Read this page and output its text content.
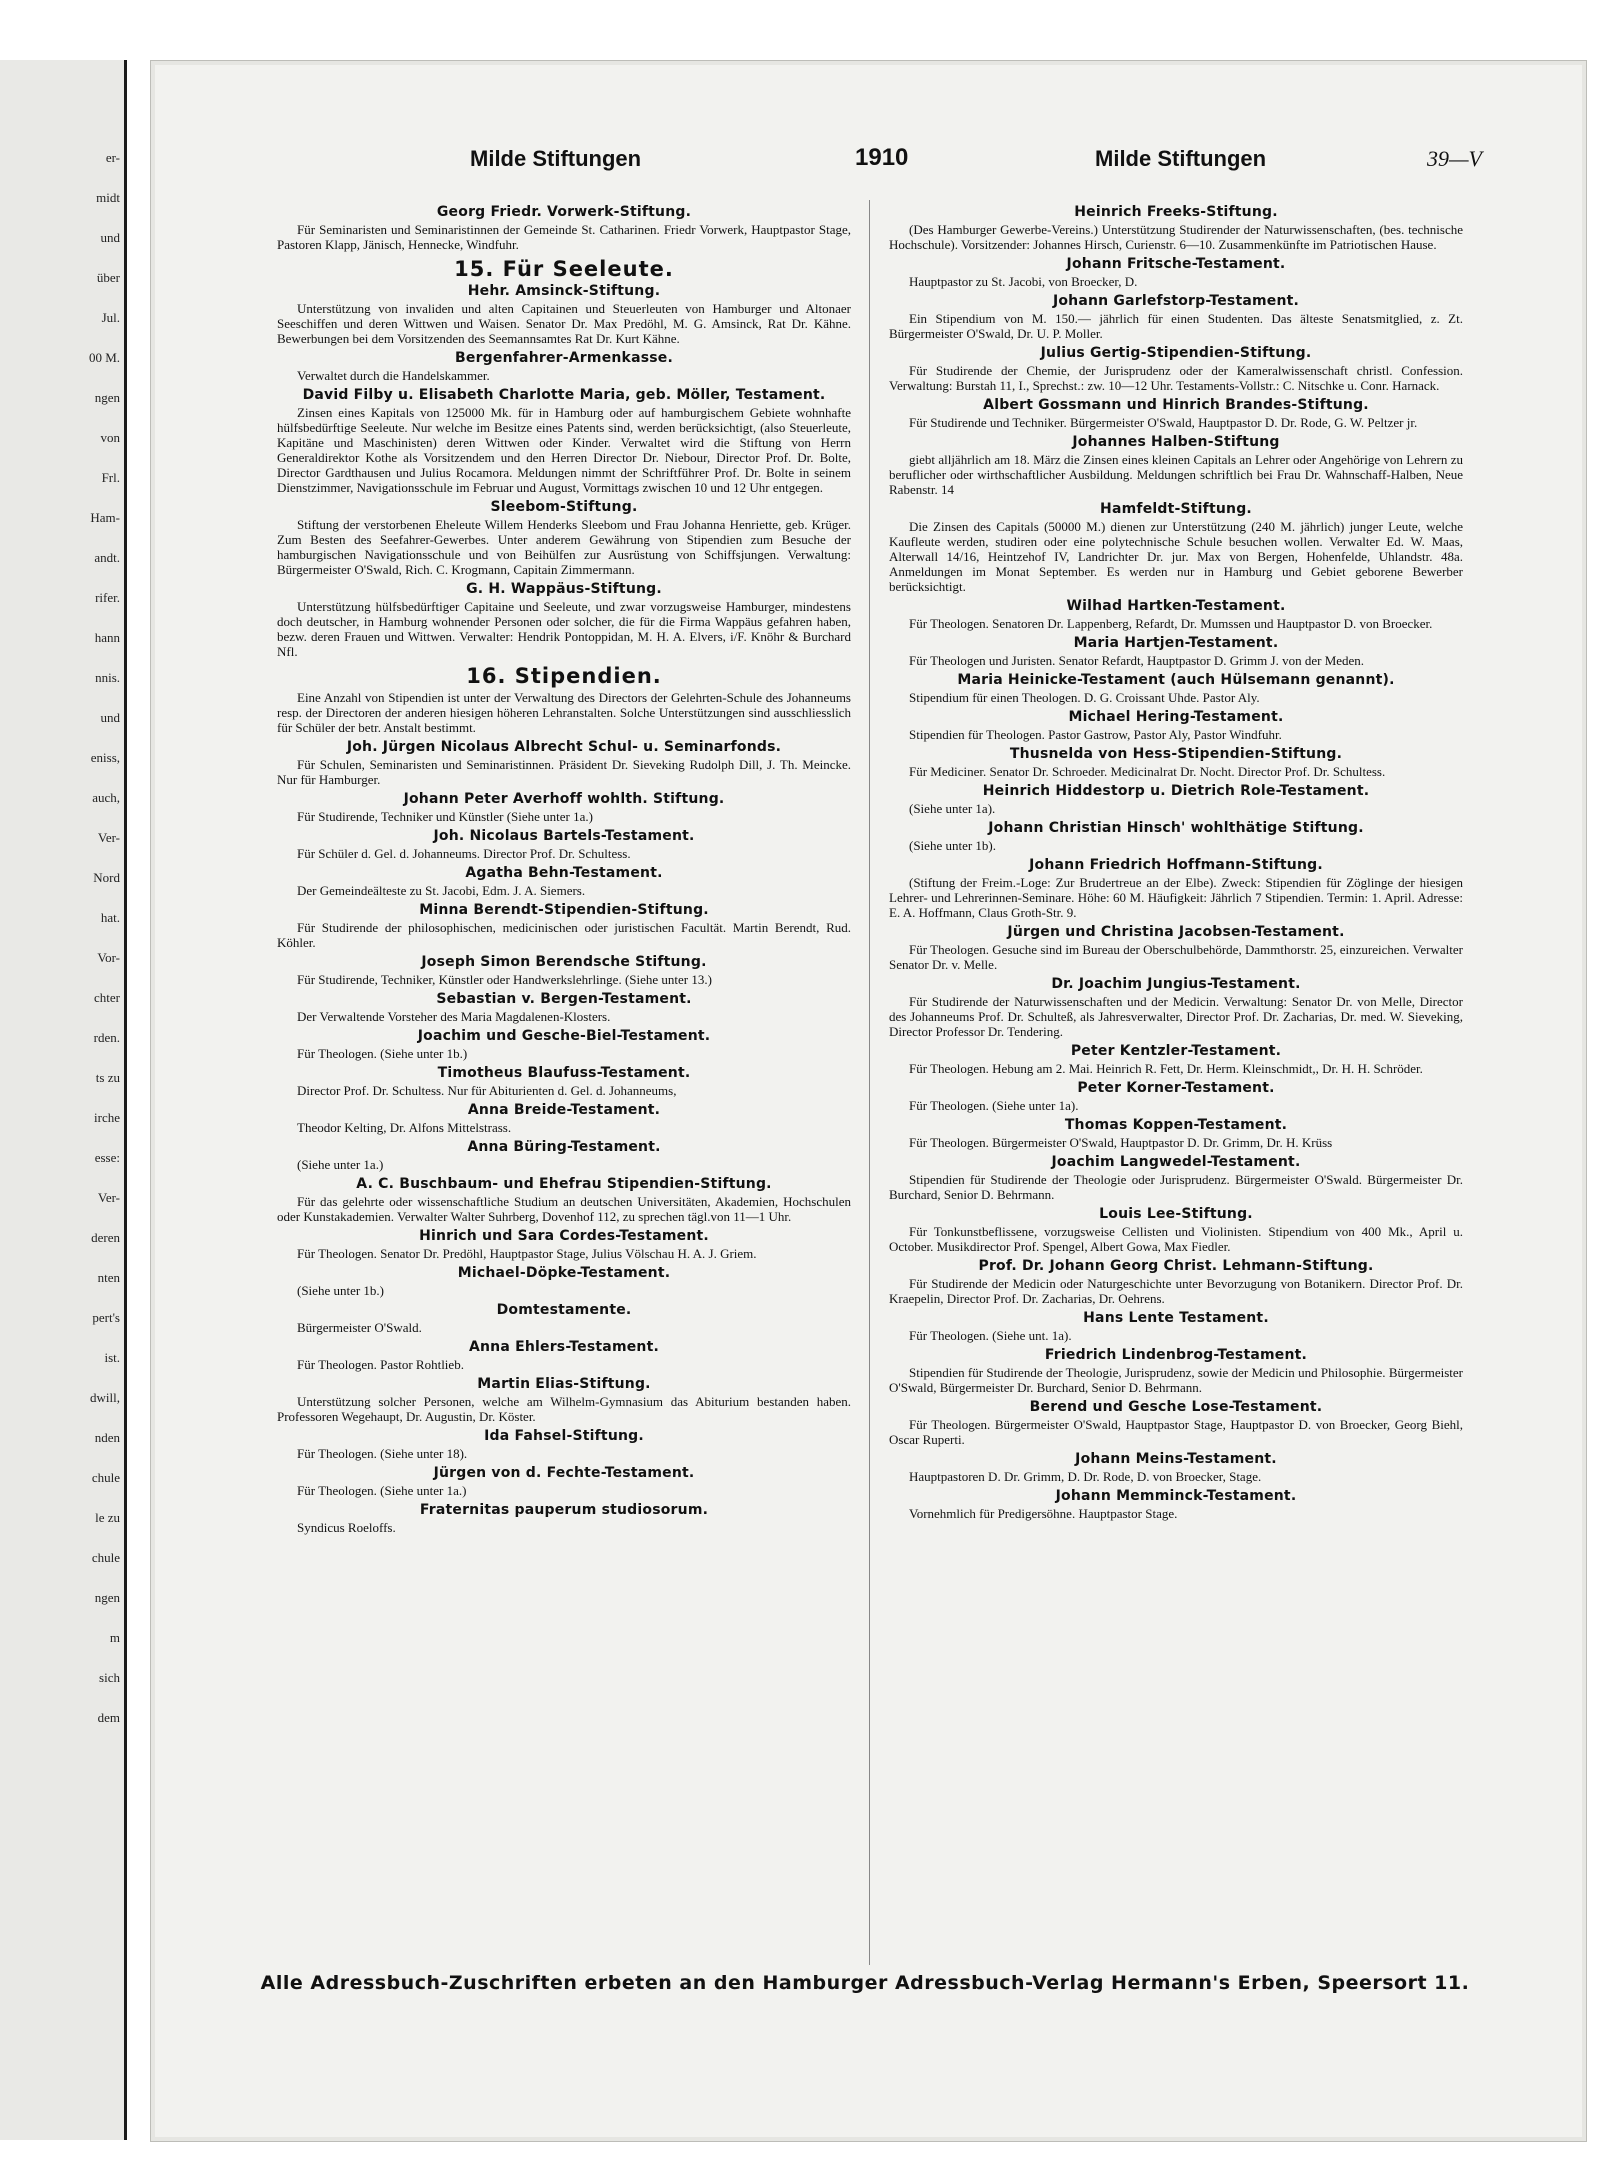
er-
midt
und
über
Jul.
00 M.
ngen
von
Frl.
Ham-
andt.
rifer.
hann
nnis.
und
eniss,
auch,
Ver-
Nord
hat.
Vor-
chter
rden.
ts zu
irche
esse:
Ver-
deren
nten
pert's
ist.
dwill,
nden
chule
le zu
chule
ngen
m
sich
dem
Milde Stiftungen	1910	Milde Stiftungen	39—V
Georg Friedr. Vorwerk-Stiftung.

Für Seminaristen und Seminaristinnen der Gemeinde St. Catharinen. Friedr Vorwerk, Hauptpastor Stage, Pastoren Klapp, Jänisch, Hennecke, Windfuhr.

15. Für Seeleute.
Hehr. Amsinck-Stiftung.

Unterstützung von invaliden und alten Capitainen und Steuerleuten von Hamburger und Altonaer Seeschiffen und deren Wittwen und Waisen. Senator Dr. Max Predöhl, M. G. Amsinck, Rat Dr. Kähne. Bewerbungen bei dem Vorsitzenden des Seemannsamtes Rat Dr. Kurt Kähne.

Bergenfahrer-Armenkasse.

Verwaltet durch die Handelskammer.

David Filby u. Elisabeth Charlotte Maria, geb. Möller, Testament.

Zinsen eines Kapitals von 125000 Mk. für in Hamburg oder auf hamburgischem Gebiete wohnhafte hülfsbedürftige Seeleute. Nur welche im Besitze eines Patents sind, werden berücksichtigt, (also Steuerleute, Kapitäne und Maschinisten) deren Wittwen oder Kinder. Verwaltet wird die Stiftung von Herrn Generaldirektor Kothe als Vorsitzendem und den Herren Director Dr. Niebour, Director Prof. Dr. Bolte, Director Gardthausen und Julius Rocamora. Meldungen nimmt der Schriftführer Prof. Dr. Bolte in seinem Dienstzimmer, Navigationsschule im Februar und August, Vormittags zwischen 10 und 12 Uhr entgegen.

Sleebom-Stiftung.

Stiftung der verstorbenen Eheleute Willem Henderks Sleebom und Frau Johanna Henriette, geb. Krüger. Zum Besten des Seefahrer-Gewerbes. Unter anderem Gewährung von Stipendien zum Besuche der hamburgischen Navigationsschule und von Beihülfen zur Ausrüstung von Schiffsjungen. Verwaltung: Bürgermeister O'Swald, Rich. C. Krogmann, Capitain Zimmermann.

G. H. Wappäus-Stiftung.

Unterstützung hülfsbedürftiger Capitaine und Seeleute, und zwar vorzugsweise Hamburger, mindestens doch deutscher, in Hamburg wohnender Personen oder solcher, die für die Firma Wappäus gefahren haben, bezw. deren Frauen und Wittwen. Verwalter: Hendrik Pontoppidan, M. H. A. Elvers, i/F. Knöhr & Burchard Nfl.

16. Stipendien.

Eine Anzahl von Stipendien ist unter der Verwaltung des Directors der Gelehrten-Schule des Johanneums resp. der Directoren der anderen hiesigen höheren Lehranstalten. Solche Unterstützungen sind ausschliesslich für Schüler der betr. Anstalt bestimmt.

Joh. Jürgen Nicolaus Albrecht Schul- u. Seminarfonds.

Für Schulen, Seminaristen und Seminaristinnen. Präsident Dr. Sieveking Rudolph Dill, J. Th. Meincke. Nur für Hamburger.

Johann Peter Averhoff wohlth. Stiftung.

Für Studirende, Techniker und Künstler (Siehe unter 1a.)

Joh. Nicolaus Bartels-Testament.

Für Schüler d. Gel. d. Johanneums. Director Prof. Dr. Schultess.

Agatha Behn-Testament.

Der Gemeindeälteste zu St. Jacobi, Edm. J. A. Siemers.

Minna Berendt-Stipendien-Stiftung.

Für Studirende der philosophischen, medicinischen oder juristischen Facultät. Martin Berendt, Rud. Köhler.

Joseph Simon Berendsche Stiftung.

Für Studirende, Techniker, Künstler oder Handwerkslehrlinge. (Siehe unter 13.)

Sebastian v. Bergen-Testament.

Der Verwaltende Vorsteher des Maria Magdalenen-Klosters.

Joachim und Gesche-Biel-Testament.

Für Theologen. (Siehe unter 1b.)

Timotheus Blaufuss-Testament.

Director Prof. Dr. Schultess. Nur für Abiturienten d. Gel. d. Johanneums,

Anna Breide-Testament.

Theodor Kelting, Dr. Alfons Mittelstrass.

Anna Büring-Testament.

(Siehe unter 1a.)

A. C. Buschbaum- und Ehefrau Stipendien-Stiftung.

Für das gelehrte oder wissenschaftliche Studium an deutschen Universitäten, Akademien, Hochschulen oder Kunstakademien. Verwalter Walter Suhrberg, Dovenhof 112, zu sprechen tägl.von 11—1 Uhr.

Hinrich und Sara Cordes-Testament.

Für Theologen. Senator Dr. Predöhl, Hauptpastor Stage, Julius Völschau H. A. J. Griem.

Michael-Döpke-Testament.

(Siehe unter 1b.)

Domtestamente.

Bürgermeister O'Swald.

Anna Ehlers-Testament.

Für Theologen. Pastor Rohtlieb.

Martin Elias-Stiftung.

Unterstützung solcher Personen, welche am Wilhelm-Gymnasium das Abiturium bestanden haben. Professoren Wegehaupt, Dr. Augustin, Dr. Köster.

Ida Fahsel-Stiftung.

Für Theologen. (Siehe unter 18).

Jürgen von d. Fechte-Testament.

Für Theologen. (Siehe unter 1a.)

Fraternitas pauperum studiosorum.

Syndicus Roeloffs.

Heinrich Freeks-Stiftung.

(Des Hamburger Gewerbe-Vereins.) Unterstützung Studirender der Naturwissenschaften, (bes. technische Hochschule). Vorsitzender: Johannes Hirsch, Curienstr. 6—10. Zusammenkünfte im Patriotischen Hause.

Johann Fritsche-Testament.

Hauptpastor zu St. Jacobi, von Broecker, D.

Johann Garlefstorp-Testament.

Ein Stipendium von M. 150.— jährlich für einen Studenten. Das älteste Senatsmitglied, z. Zt. Bürgermeister O'Swald, Dr. U. P. Moller.

Julius Gertig-Stipendien-Stiftung.

Für Studirende der Chemie, der Jurisprudenz oder der Kameralwissenschaft christl. Confession. Verwaltung: Burstah 11, I., Sprechst.: zw. 10—12 Uhr. Testaments-Vollstr.: C. Nitschke u. Conr. Harnack.

Albert Gossmann und Hinrich Brandes-Stiftung.

Für Studirende und Techniker. Bürgermeister O'Swald, Hauptpastor D. Dr. Rode, G. W. Peltzer jr.

Johannes Halben-Stiftung

giebt alljährlich am 18. März die Zinsen eines kleinen Capitals an Lehrer oder Angehörige von Lehrern zu beruflicher oder wirthschaftlicher Ausbildung. Meldungen schriftlich bei Frau Dr. Wahnschaff-Halben, Neue Rabenstr. 14

Hamfeldt-Stiftung.

Die Zinsen des Capitals (50000 M.) dienen zur Unterstützung (240 M. jährlich) junger Leute, welche Kaufleute werden, studiren oder eine polytechnische Schule besuchen wollen. Verwalter Ed. W. Maas, Alterwall 14/16, Heintzehof IV, Landrichter Dr. jur. Max von Bergen, Hohenfelde, Uhlandstr. 48a. Anmeldungen im Monat September. Es werden nur in Hamburg und Gebiet geborene Bewerber berücksichtigt.

Wilhad Hartken-Testament.

Für Theologen. Senatoren Dr. Lappenberg, Refardt, Dr. Mumssen und Hauptpastor D. von Broecker.

Maria Hartjen-Testament.

Für Theologen und Juristen. Senator Refardt, Hauptpastor D. Grimm J. von der Meden.

Maria Heinicke-Testament (auch Hülsemann genannt).

Stipendium für einen Theologen. D. G. Croissant Uhde. Pastor Aly.

Michael Hering-Testament.

Stipendien für Theologen. Pastor Gastrow, Pastor Aly, Pastor Windfuhr.

Thusnelda von Hess-Stipendien-Stiftung.

Für Mediciner. Senator Dr. Schroeder. Medicinalrat Dr. Nocht. Director Prof. Dr. Schultess.

Heinrich Hiddestorp u. Dietrich Role-Testament.

(Siehe unter 1a).

Johann Christian Hinsch' wohlthätige Stiftung.

(Siehe unter 1b).

Johann Friedrich Hoffmann-Stiftung.

(Stiftung der Freim.-Loge: Zur Brudertreue an der Elbe). Zweck: Stipendien für Zöglinge der hiesigen Lehrer- und Lehrerinnen-Seminare. Höhe: 60 M. Häufigkeit: Jährlich 7 Stipendien. Termin: 1. April. Adresse: E. A. Hoffmann, Claus Groth-Str. 9.

Jürgen und Christina Jacobsen-Testament.

Für Theologen. Gesuche sind im Bureau der Oberschulbehörde, Dammthorstr. 25, einzureichen. Verwalter Senator Dr. v. Melle.

Dr. Joachim Jungius-Testament.

Für Studirende der Naturwissenschaften und der Medicin. Verwaltung: Senator Dr. von Melle, Director des Johanneums Prof. Dr. Schulteß, als Jahresverwalter, Director Prof. Dr. Zacharias, Dr. med. W. Sieveking, Director Professor Dr. Tendering.

Peter Kentzler-Testament.

Für Theologen. Hebung am 2. Mai. Heinrich R. Fett, Dr. Herm. Kleinschmidt,, Dr. H. H. Schröder.

Peter Korner-Testament.

Für Theologen. (Siehe unter 1a).

Thomas Koppen-Testament.

Für Theologen. Bürgermeister O'Swald, Hauptpastor D. Dr. Grimm, Dr. H. Krüss

Joachim Langwedel-Testament.

Stipendien für Studirende der Theologie oder Jurisprudenz. Bürgermeister O'Swald. Bürgermeister Dr. Burchard, Senior D. Behrmann.

Louis Lee-Stiftung.

Für Tonkunstbeflissene, vorzugsweise Cellisten und Violinisten. Stipendium von 400 Mk., April u. October. Musikdirector Prof. Spengel, Albert Gowa, Max Fiedler.

Prof. Dr. Johann Georg Christ. Lehmann-Stiftung.

Für Studirende der Medicin oder Naturgeschichte unter Bevorzugung von Botanikern. Director Prof. Dr. Kraepelin, Director Prof. Dr. Zacharias, Dr. Oehrens.

Hans Lente Testament.

Für Theologen. (Siehe unt. 1a).

Friedrich Lindenbrog-Testament.

Stipendien für Studirende der Theologie, Jurisprudenz, sowie der Medicin und Philosophie. Bürgermeister O'Swald, Bürgermeister Dr. Burchard, Senior D. Behrmann.

Berend und Gesche Lose-Testament.

Für Theologen. Bürgermeister O'Swald, Hauptpastor Stage, Hauptpastor D. von Broecker, Georg Biehl, Oscar Ruperti.

Johann Meins-Testament.

Hauptpastoren D. Dr. Grimm, D. Dr. Rode, D. von Broecker, Stage.

Johann Memminck-Testament.

Vornehmlich für Predigersöhne. Hauptpastor Stage.

Alle Adressbuch-Zuschriften erbeten an den Hamburger Adressbuch-Verlag Hermann's Erben, Speersort 11.
